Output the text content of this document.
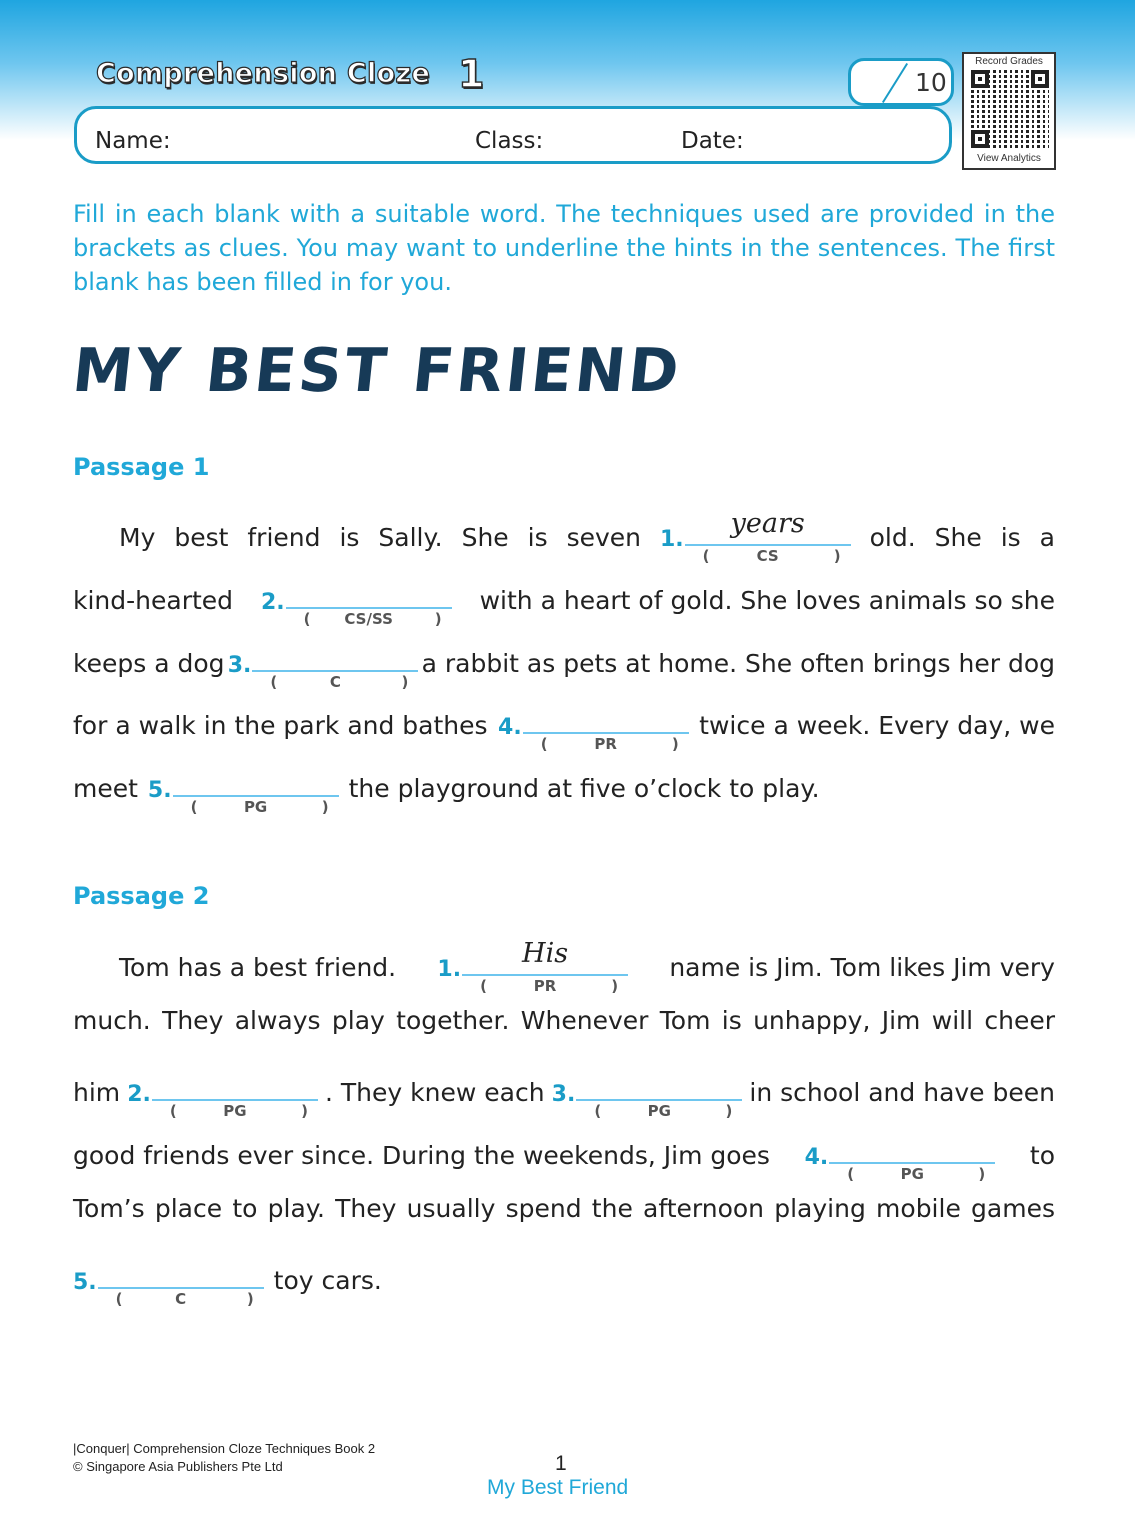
Comprehension Cloze 1	10
Name:	Class:	Date:
Record Grades
View Analytics
Fill in each blank with a suitable word. The techniques used are provided in the brackets as clues. You may want to underline the hints in the sentences. The first blank has been filled in for you.
MY BEST FRIEND
Passage 1
My best friend is Sally. She is seven 1.
years
(	CS	)
old. She is a
kind-hearted 2.
(	CS/SS	)
with a heart of gold. She loves animals so she
keeps a dog 3.
(	C	)
a rabbit as pets at home. She often brings her dog
for a walk in the park and bathes 4.
(	PR	)
twice a week. Every day, we
meet 5.
(	PG	)
the playground at five o’clock to play.
Passage 2
Tom has a best friend. 1.
His
(	PR	)
name is Jim. Tom likes Jim very
much. They always play together. Whenever Tom is unhappy, Jim will cheer
him 2.
(	PG	)
. They knew each 3.
(	PG	)
in school and have been
good friends ever since. During the weekends, Jim goes 4.
(	PG	)
to
Tom’s place to play. They usually spend the afternoon playing mobile games
5.
(	C	)
toy cars.
|Conquer| Comprehension Cloze Techniques Book 2
© Singapore Asia Publishers Pte Ltd	1
My Best Friend
